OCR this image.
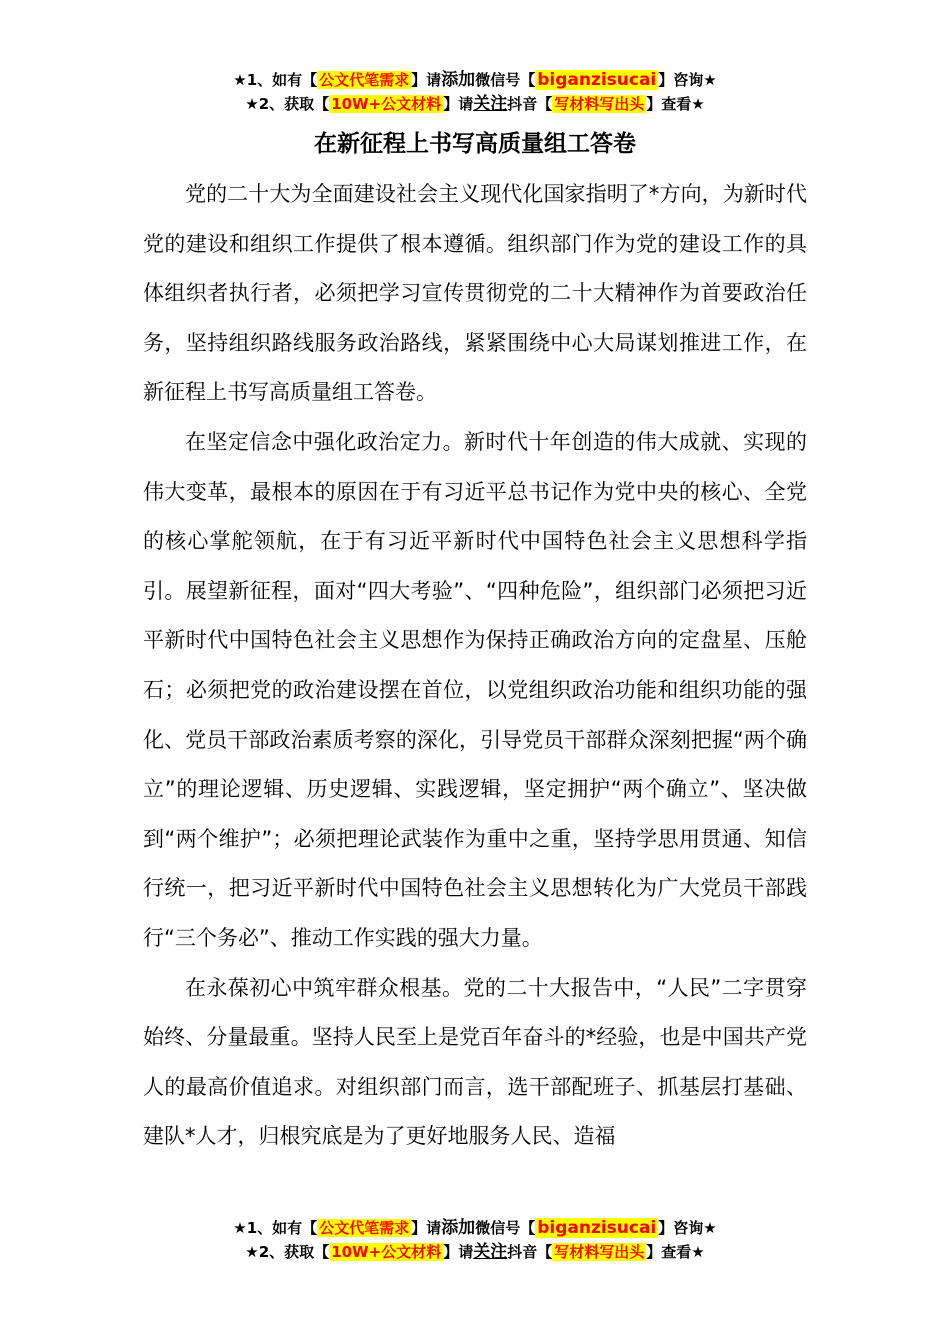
★1、如有【 公文代笔需求 】请添加微信号【 biganzisucai 】咨询★
★2、获取【 10W+公文材料 】请关注抖音【 写材料写出头 】查看★
在新征程上书写高质量组工答卷

党的二十大为全面建设社会主义现代化国家指明了*方向，为新时代党的建设和组织工作提供了根本遵循。组织部门作为党的建设工作的具体组织者执行者，必须把学习宣传贯彻党的二十大精神作为首要政治任务，坚持组织路线服务政治路线，紧紧围绕中心大局谋划推进工作，在新征程上书写高质量组工答卷。

在坚定信念中强化政治定力。新时代十年创造的伟大成就、实现的伟大变革，最根本的原因在于有习近平总书记作为党中央的核心、全党的核心掌舵领航，在于有习近平新时代中国特色社会主义思想科学指引。展望新征程，面对“四大考验”、“四种危险”，组织部门必须把习近平新时代中国特色社会主义思想作为保持正确政治方向的定盘星、压舱石；必须把党的政治建设摆在首位，以党组织政治功能和组织功能的强化、党员干部政治素质考察的深化，引导党员干部群众深刻把握“两个确立”的理论逻辑、历史逻辑、实践逻辑，坚定拥护“两个确立”、坚决做到“两个维护”；必须把理论武装作为重中之重，坚持学思用贯通、知信行统一，把习近平新时代中国特色社会主义思想转化为广大党员干部践行“三个务必”、推动工作实践的强大力量。

在永葆初心中筑牢群众根基。党的二十大报告中，“人民”二字贯穿始终、分量最重。坚持人民至上是党百年奋斗的*经验，也是中国共产党人的最高价值追求。对组织部门而言，选干部配班子、抓基层打基础、建队*人才，归根究底是为了更好地服务人民、造福

★1、如有【 公文代笔需求 】请添加微信号【 biganzisucai 】咨询★
★2、获取【 10W+公文材料 】请关注抖音【 写材料写出头 】查看★
